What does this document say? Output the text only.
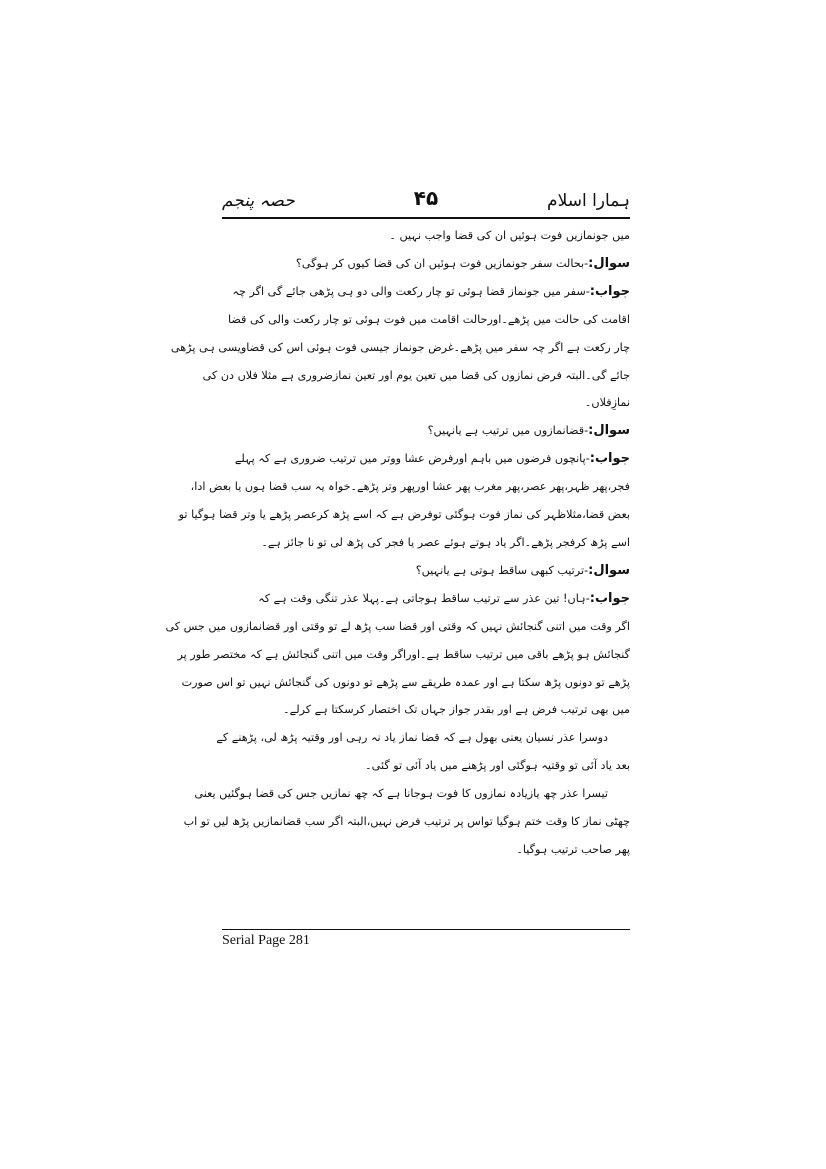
ہمارا اسلام
۴۵
حصہ پنجم
میں جونمازیں فوت ہوئیں ان کی قضا واجب نہیں ۔
سوال:-بحالت سفر جونمازیں فوت ہوئیں ان کی قضا کیوں کر ہوگی؟
جواب:-سفر میں جونماز قضا ہوئی تو چار رکعت والی دو ہی پڑھی جائے گی اگر چہ
اقامت کی حالت میں پڑھے۔اورحالت اقامت میں فوت ہوئی تو چار رکعت والی کی قضا
چار رکعت ہے اگر چہ سفر میں پڑھے۔غرض جونماز جیسی فوت ہوئی اس کی قضاویسی ہی پڑھی
جائے گی۔البتہ فرض نمازوں کی قضا میں تعین یوم اور تعین نمازضروری ہے مثلا فلاں دن کی
نمازِفلاں۔
سوال:-قضانمازوں میں ترتیب ہے یانہیں؟
جواب:-پانچوں فرضوں میں باہم اورفرض عشا ووتر میں ترتیب ضروری ہے کہ پہلے
فجر،پھر ظہر،پھر عصر،پھر مغرب پھر عشا اورپھر وتر پڑھے۔خواہ یہ سب قضا ہوں یا بعض ادا،
بعض قضا،مثلاظہر کی نماز فوت ہوگئی توفرض ہے کہ اسے پڑھ کرعصر پڑھے یا وتر قضا ہوگیا تو
اسے پڑھ کرفجر پڑھے۔اگر یاد ہوتے ہوئے عصر یا فجر کی پڑھ لی تو نا جائز ہے۔
سوال:-ترتیب کبھی ساقط ہوتی ہے یانہیں؟
جواب:-ہاں! تین عذر سے ترتیب ساقط ہوجاتی ہے۔پہلا عذر تنگی وقت ہے کہ
اگر وقت میں اتنی گنجائش نہیں کہ وقتی اور قضا سب پڑھ لے تو وقتی اور قضانمازوں میں جس کی
گنجائش ہو پڑھے باقی میں ترتیب ساقط ہے۔اوراگر وقت میں اتنی گنجائش ہے کہ مختصر طور پر
پڑھے تو دونوں پڑھ سکتا ہے اور عمدہ طریقے سے پڑھے تو دونوں کی گنجائش نہیں تو اس صورت
میں بھی ترتیب فرض ہے اور بقدر جواز جہاں تک اختصار کرسکتا ہے کرلے۔
دوسرا عذر نسیان یعنی بھول ہے کہ قضا نماز یاد نہ رہی اور وقتیہ پڑھ لی، پڑھنے کے
بعد یاد آئی تو وقتیہ ہوگئی اور پڑھنے میں یاد آئی تو گئی۔
تیسرا عذر چھ یازیادہ نمازوں کا فوت ہوجانا ہے کہ چھ نمازیں جس کی قضا ہوگئیں یعنی
چھٹی نماز کا وقت ختم ہوگیا تواس پر ترتیب فرض نہیں،البتہ اگر سب قضانمازیں پڑھ لیں تو اب
پھر صاحب ترتیب ہوگیا۔
Serial Page 281
